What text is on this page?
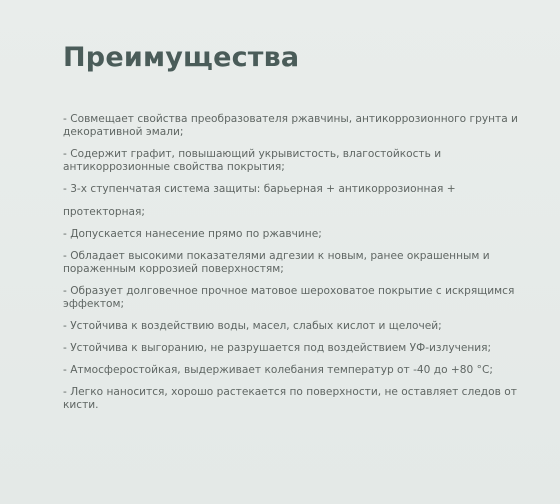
Преимущества
- Совмещает свойства преобразователя ржавчины, антикоррозионного грунта и декоративной эмали;
- Содержит графит, повышающий укрывистость, влагостойкость и антикоррозионные свойства покрытия;
- 3-х ступенчатая система защиты: барьерная + антикоррозионная +
протекторная;
- Допускается нанесение прямо по ржавчине;
- Обладает высокими показателями адгезии к новым, ранее окрашенным и пораженным коррозией поверхностям;
- Образует долговечное прочное матовое шероховатое покрытие с искрящимся эффектом;
- Устойчива к воздействию воды, масел, слабых кислот и щелочей;
- Устойчива к выгоранию, не разрушается под воздействием УФ-излучения;
- Атмосферостойкая, выдерживает колебания температур от -40 до +80 °С;
- Легко наносится, хорошо растекается по поверхности, не оставляет следов от кисти.
